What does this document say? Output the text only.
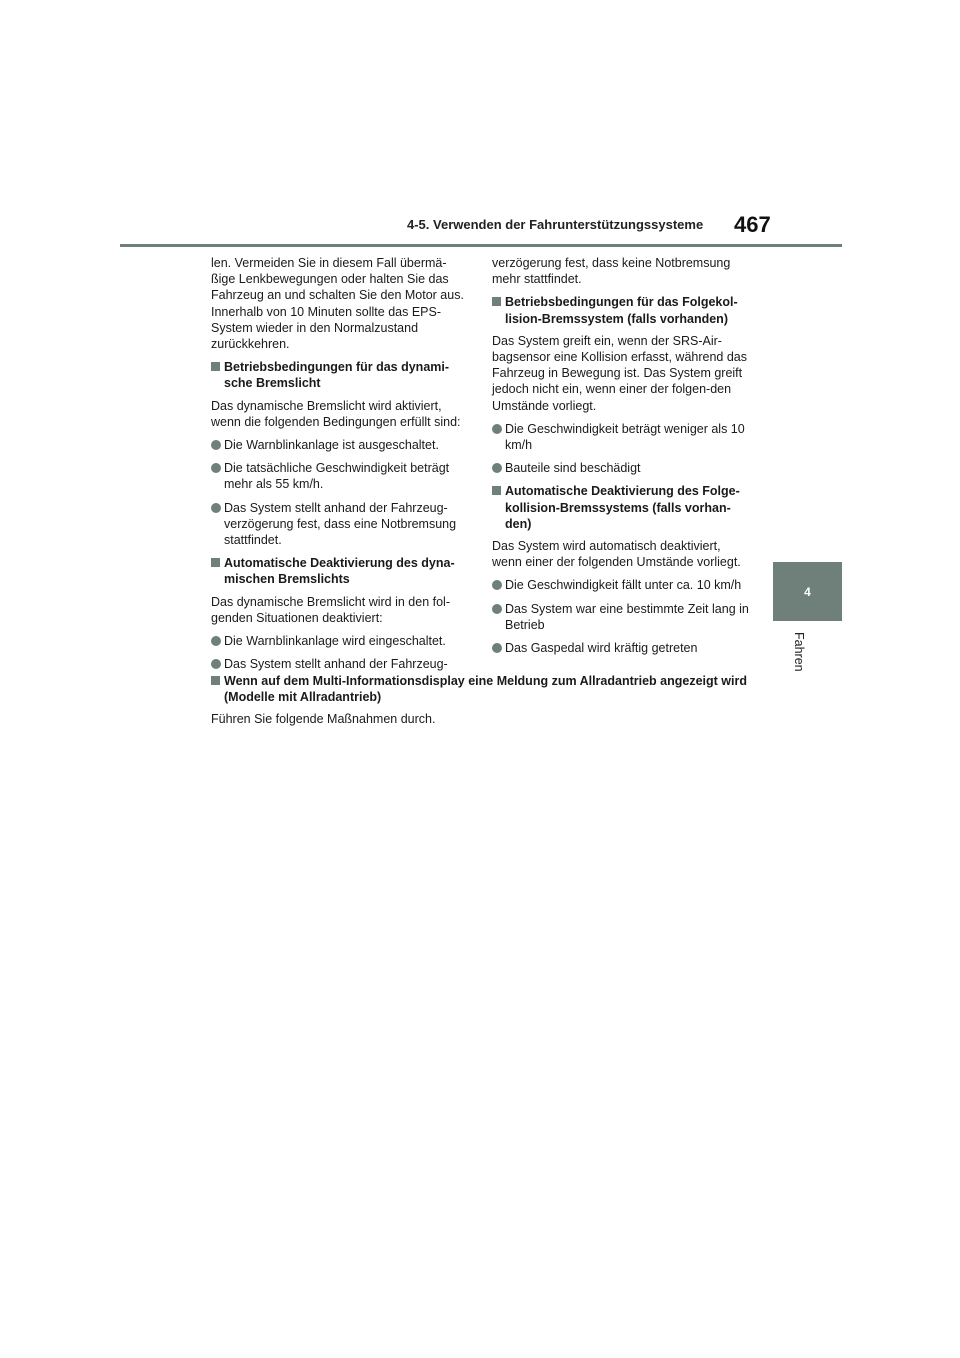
4-5. Verwenden der Fahrunterstützungssysteme 467
4
Fahren

len. Vermeiden Sie in diesem Fall übermä-ßige Lenkbewegungen oder halten Sie das Fahrzeug an und schalten Sie den Motor aus. Innerhalb von 10 Minuten sollte das EPS-System wieder in den Normalzustand zurückkehren.

Betriebsbedingungen für das dynami-sche Bremslicht

Das dynamische Bremslicht wird aktiviert, wenn die folgenden Bedingungen erfüllt sind:

Die Warnblinkanlage ist ausgeschaltet.
Die tatsächliche Geschwindigkeit beträgt mehr als 55 km/h.
Das System stellt anhand der Fahrzeug-verzögerung fest, dass eine Notbremsung stattfindet.
Automatische Deaktivierung des dyna-mischen Bremslichts

Das dynamische Bremslicht wird in den fol-genden Situationen deaktiviert:

Die Warnblinkanlage wird eingeschaltet.
Das System stellt anhand der Fahrzeug-

verzögerung fest, dass keine Notbremsung mehr stattfindet.

Betriebsbedingungen für das Folgekol-lision-Bremssystem (falls vorhanden)

Das System greift ein, wenn der SRS-Air-bagsensor eine Kollision erfasst, während das Fahrzeug in Bewegung ist. Das System greift jedoch nicht ein, wenn einer der folgen-den Umstände vorliegt.

Die Geschwindigkeit beträgt weniger als 10 km/h
Bauteile sind beschädigt
Automatische Deaktivierung des Folge-kollision-Bremssystems (falls vorhan-den)

Das System wird automatisch deaktiviert, wenn einer der folgenden Umstände vorliegt.

Die Geschwindigkeit fällt unter ca. 10 km/h
Das System war eine bestimmte Zeit lang in Betrieb
Das Gaspedal wird kräftig getreten
Wenn auf dem Multi-Informationsdisplay eine Meldung zum Allradantrieb angezeigt wird (Modelle mit Allradantrieb)

Führen Sie folgende Maßnahmen durch.
